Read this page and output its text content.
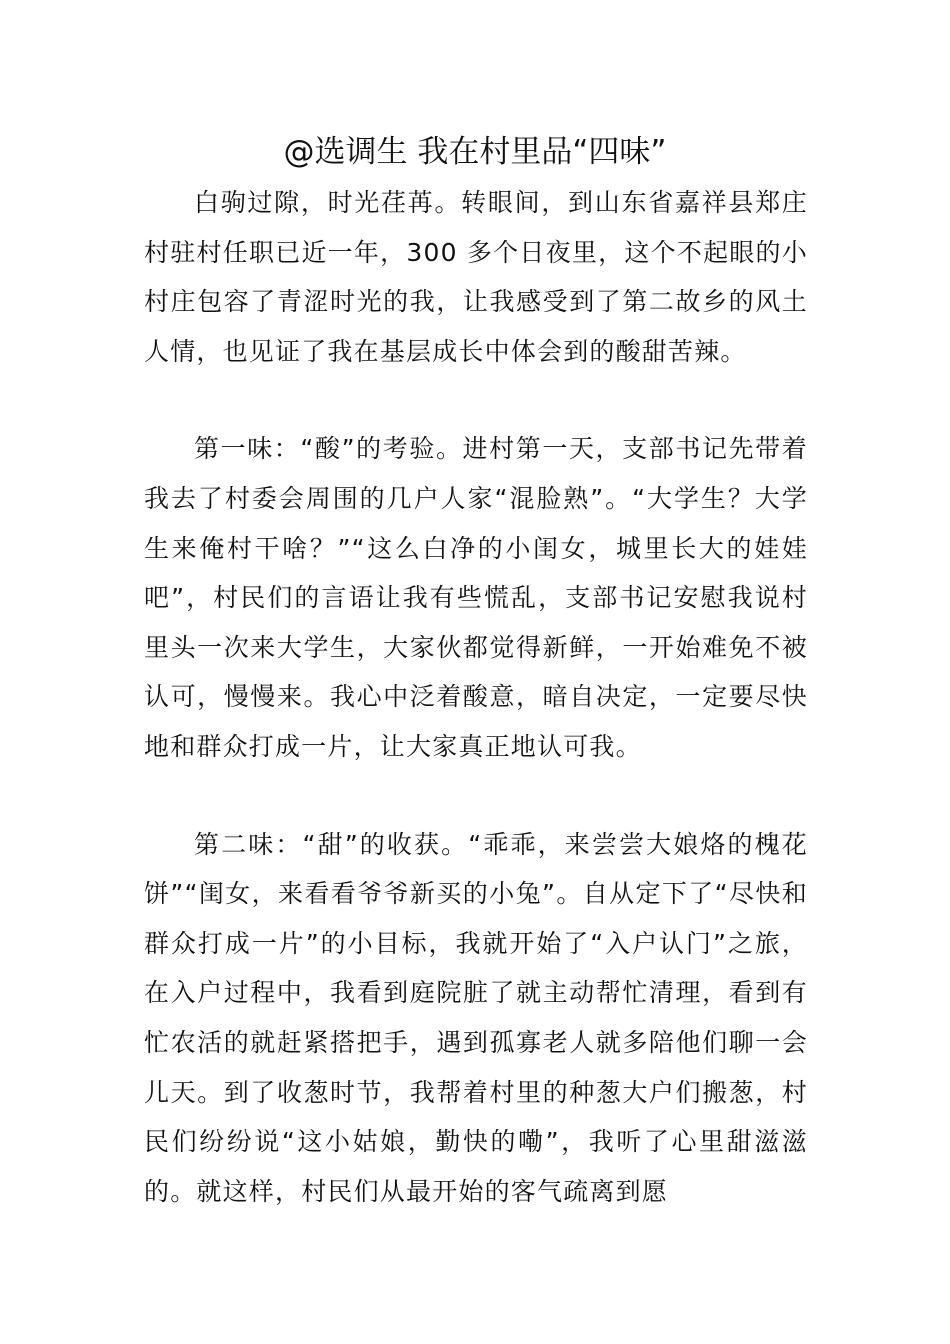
@选调生 我在村里品“四味”

白驹过隙，时光荏苒。转眼间，到山东省嘉祥县郑庄村驻村任职已近一年，300 多个日夜里，这个不起眼的小村庄包容了青涩时光的我，让我感受到了第二故乡的风土人情，也见证了我在基层成长中体会到的酸甜苦辣。

第一味：“酸”的考验。进村第一天，支部书记先带着我去了村委会周围的几户人家“混脸熟”。“大学生？大学生来俺村干啥？”“这么白净的小闺女，城里长大的娃娃吧”，村民们的言语让我有些慌乱，支部书记安慰我说村里头一次来大学生，大家伙都觉得新鲜，一开始难免不被认可，慢慢来。我心中泛着酸意，暗自决定，一定要尽快地和群众打成一片，让大家真正地认可我。

第二味：“甜”的收获。“乖乖，来尝尝大娘烙的槐花饼”“闺女，来看看爷爷新买的小兔”。自从定下了“尽快和群众打成一片”的小目标，我就开始了“入户认门”之旅，在入户过程中，我看到庭院脏了就主动帮忙清理，看到有忙农活的就赶紧搭把手，遇到孤寡老人就多陪他们聊一会儿天。到了收葱时节，我帮着村里的种葱大户们搬葱，村民们纷纷说“这小姑娘，勤快的嘞”，我听了心里甜滋滋的。就这样，村民们从最开始的客气疏离到愿
